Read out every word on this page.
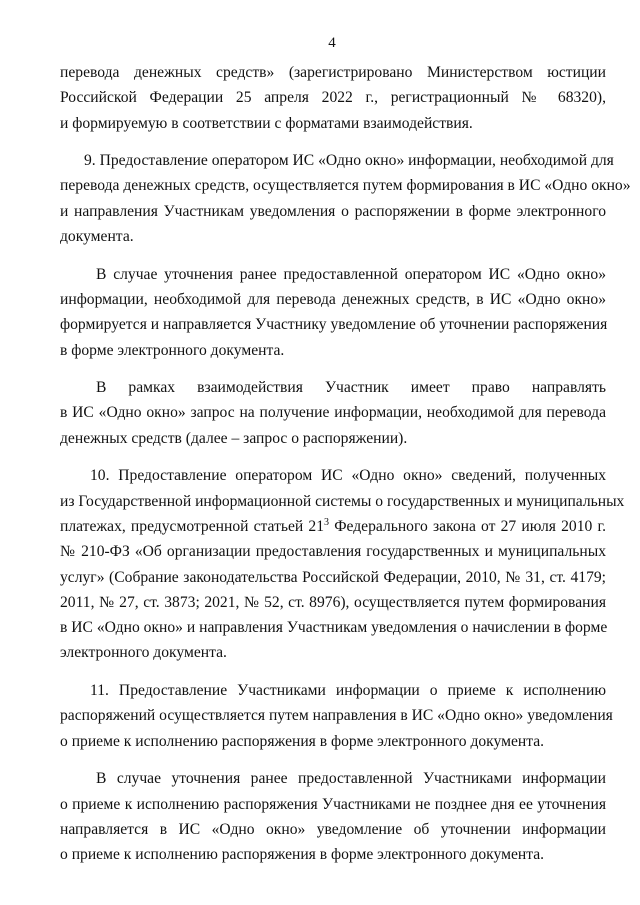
4

перевода денежных средств» (зарегистрировано Министерством юстиции
Российской Федерации 25 апреля 2022 г., регистрационный № 68320),
и формируемую в соответствии с форматами взаимодействия.

9. Предоставление оператором ИС «Одно окно» информации, необходимой для
перевода денежных средств, осуществляется путем формирования в ИС «Одно окно»
и направления Участникам уведомления о распоряжении в форме электронного
документа.

В случае уточнения ранее предоставленной оператором ИС «Одно окно»
информации, необходимой для перевода денежных средств, в ИС «Одно окно»
формируется и направляется Участнику уведомление об уточнении распоряжения
в форме электронного документа.

В рамках взаимодействия Участник имеет право направлять
в ИС «Одно окно» запрос на получение информации, необходимой для перевода
денежных средств (далее – запрос о распоряжении).

10. Предоставление оператором ИС «Одно окно» сведений, полученных
из Государственной информационной системы о государственных и муниципальных
платежах, предусмотренной статьей $21^3$ Федерального закона от 27 июля 2010 г.
№ 210-ФЗ «Об организации предоставления государственных и муниципальных
услуг» (Собрание законодательства Российской Федерации, 2010, № 31, ст. 4179;
2011, № 27, ст. 3873; 2021, № 52, ст. 8976), осуществляется путем формирования
в ИС «Одно окно» и направления Участникам уведомления о начислении в форме
электронного документа.

11. Предоставление Участниками информации о приеме к исполнению
распоряжений осуществляется путем направления в ИС «Одно окно» уведомления
о приеме к исполнению распоряжения в форме электронного документа.

В случае уточнения ранее предоставленной Участниками информации
о приеме к исполнению распоряжения Участниками не позднее дня ее уточнения
направляется в ИС «Одно окно» уведомление об уточнении информации
о приеме к исполнению распоряжения в форме электронного документа.
